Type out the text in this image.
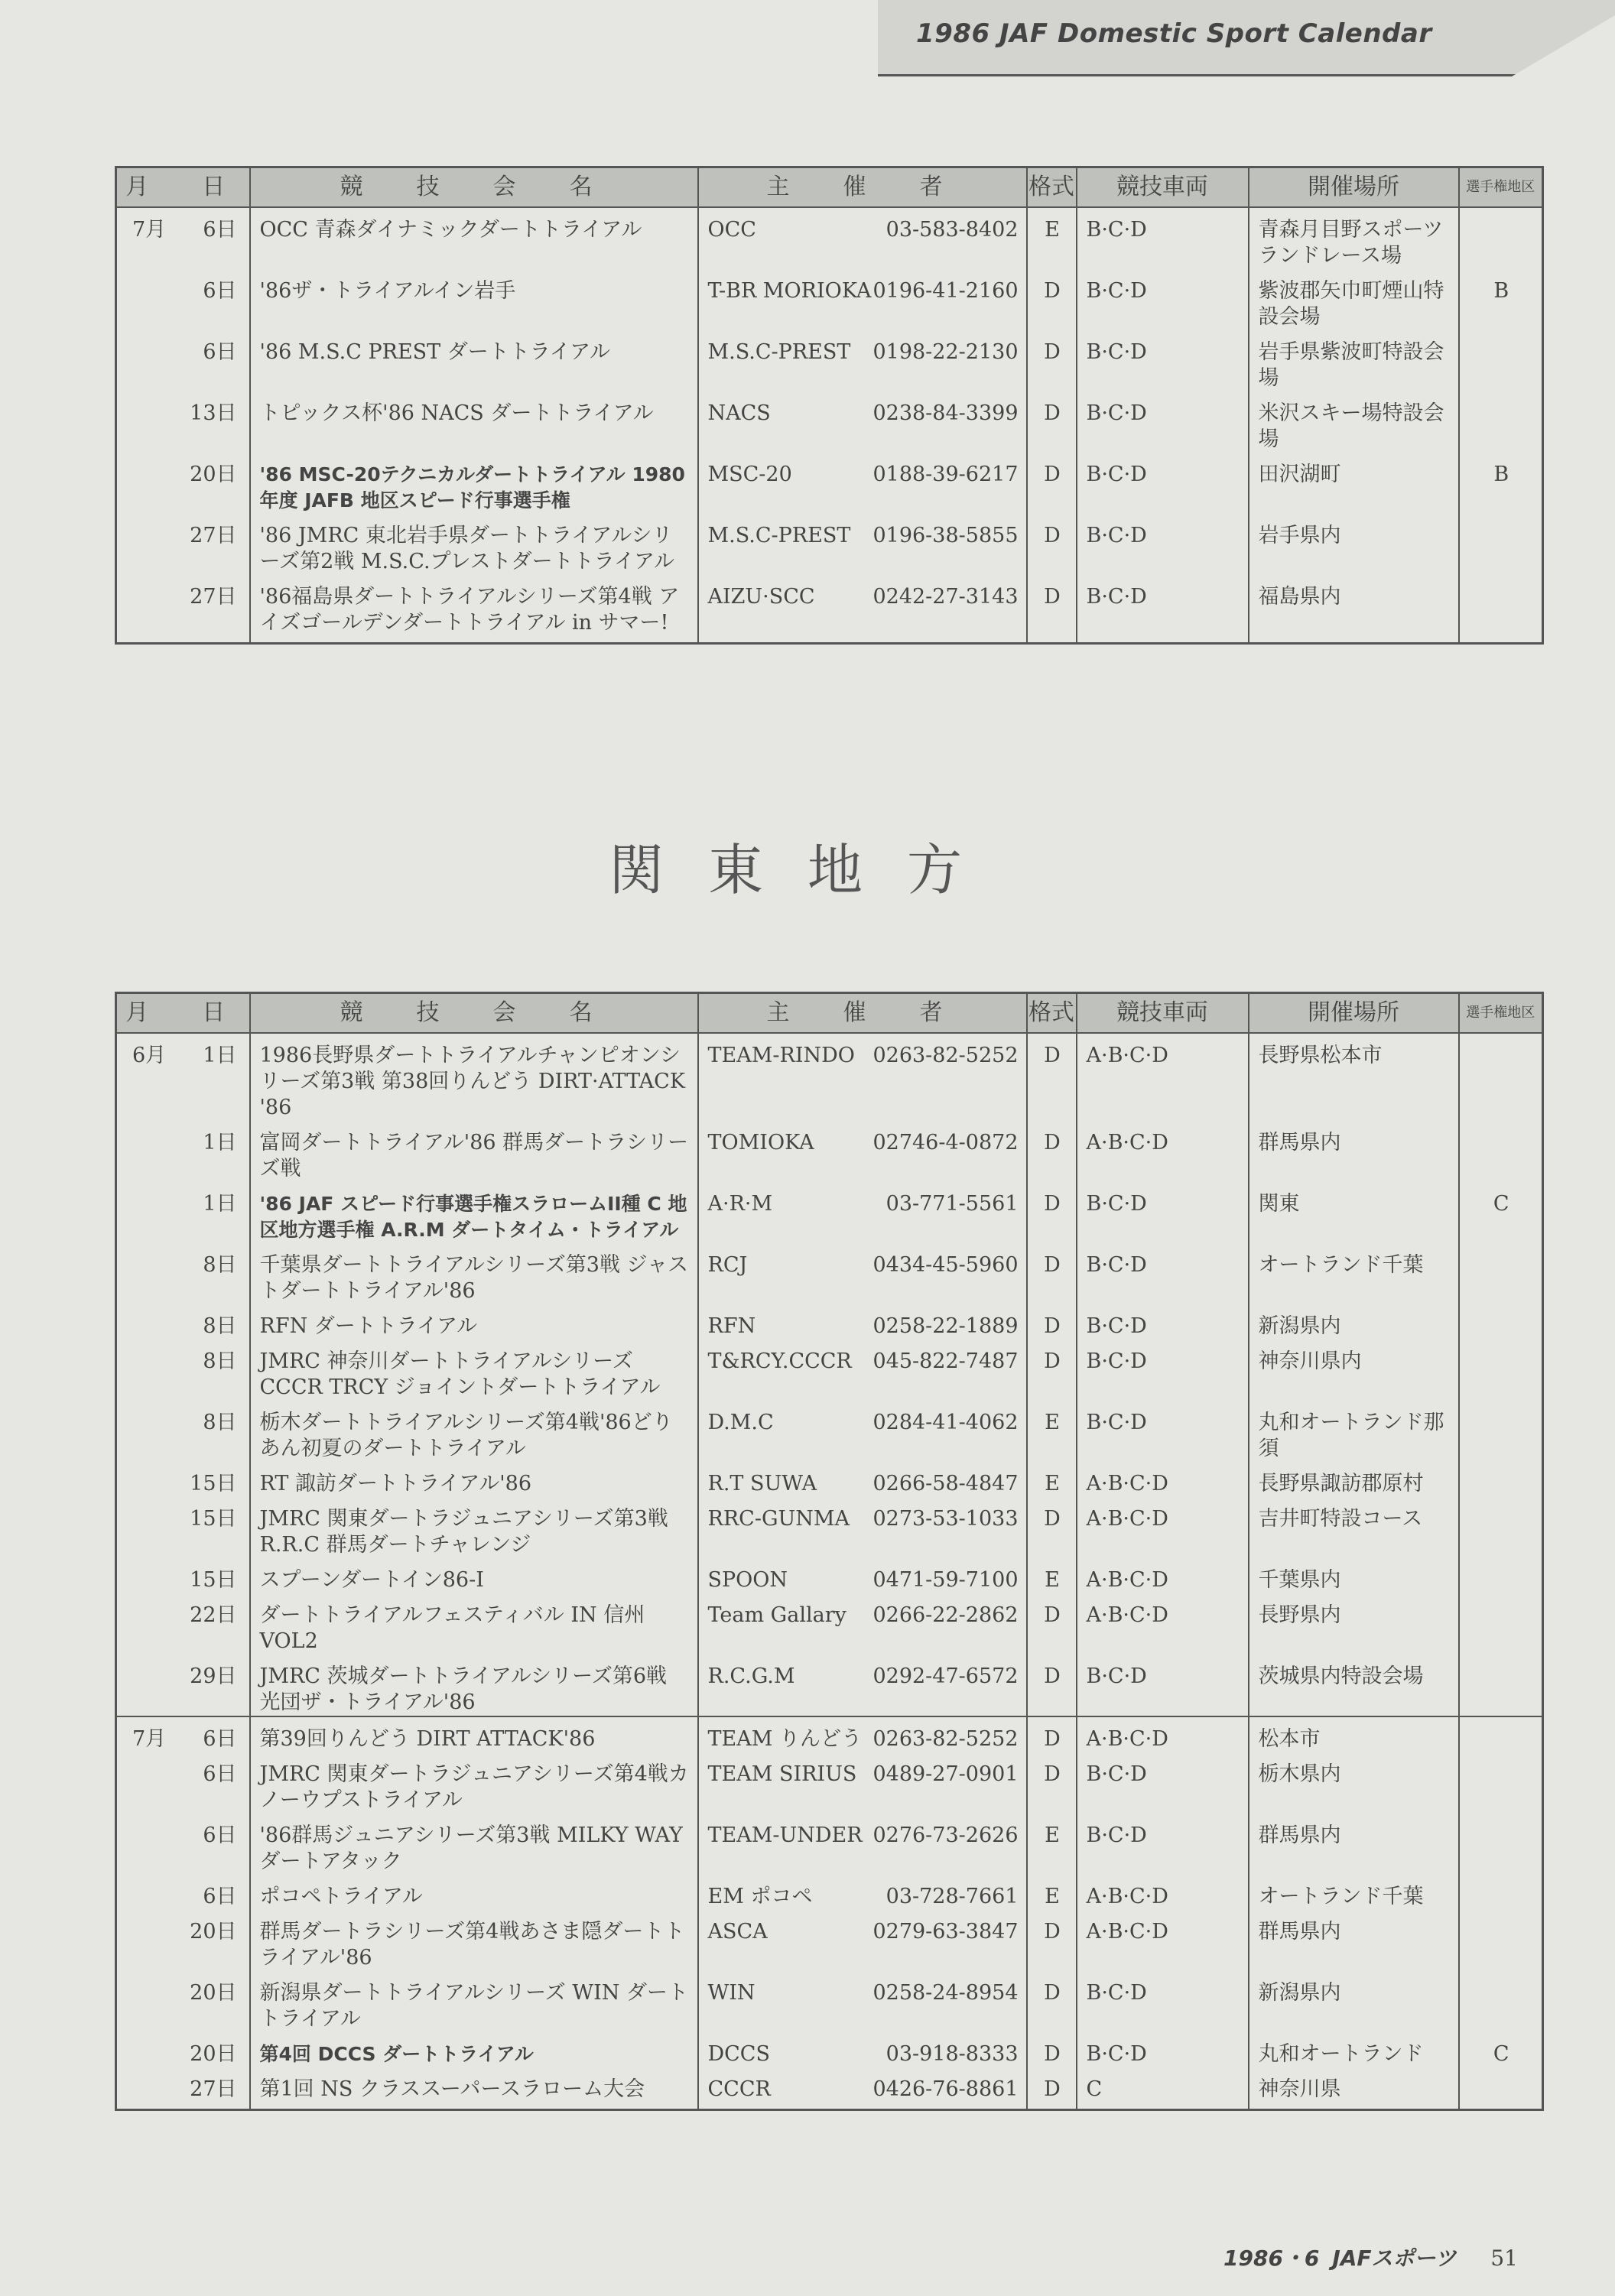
1986 JAF Domestic Sport Calendar
月　日	競　技　会　名	主　催　者	格式	競技車両	開催場所	選手権地区

7月 6日	OCC 青森ダイナミックダートトライアル	OCC 03-583-8402	E	B·C·D	青森月目野スポーツランドレース場	

6日	'86ザ・トライアルイン岩手	T-BR MORIOKA 0196-41-2160	D	B·C·D	紫波郡矢巾町煙山特設会場	B

6日	'86 M.S.C PREST ダートトライアル	M.S.C-PREST 0198-22-2130	D	B·C·D	岩手県紫波町特設会場	

13日	トピックス杯'86 NACS ダートトライアル	NACS 0238-84-3399	D	B·C·D	米沢スキー場特設会場	

20日	'86 MSC-20テクニカルダートトライアル 1980年度 JAFB 地区スピード行事選手権	MSC-20 0188-39-6217	D	B·C·D	田沢湖町	B

27日	'86 JMRC 東北岩手県ダートトライアルシリーズ第2戦 M.S.C.プレストダートトライアル	M.S.C-PREST 0196-38-5855	D	B·C·D	岩手県内	

27日	'86福島県ダートトライアルシリーズ第4戦 アイズゴールデンダートトライアル in サマー!	AIZU·SCC 0242-27-3143	D	B·C·D	福島県内	

関東地方
月　日	競　技　会　名	主　催　者	格式	競技車両	開催場所	選手権地区

6月 1日	1986長野県ダートトライアルチャンピオンシリーズ第3戦 第38回りんどう DIRT·ATTACK '86	TEAM-RINDO 0263-82-5252	D	A·B·C·D	長野県松本市	

1日	富岡ダートトライアル'86 群馬ダートラシリーズ戦	TOMIOKA 02746-4-0872	D	A·B·C·D	群馬県内	

1日	'86 JAF スピード行事選手権スラロームII種 C 地区地方選手権 A.R.M ダートタイム・トライアル	A·R·M 03-771-5561	D	B·C·D	関東	C

8日	千葉県ダートトライアルシリーズ第3戦 ジャストダートトライアル'86	RCJ 0434-45-5960	D	B·C·D	オートランド千葉	

8日	RFN ダートトライアル	RFN 0258-22-1889	D	B·C·D	新潟県内	

8日	JMRC 神奈川ダートトライアルシリーズ CCCR TRCY ジョイントダートトライアル	T&RCY.CCCR 045-822-7487	D	B·C·D	神奈川県内	

8日	栃木ダートトライアルシリーズ第4戦'86どりあん初夏のダートトライアル	D.M.C 0284-41-4062	E	B·C·D	丸和オートランド那須	

15日	RT 諏訪ダートトライアル'86	R.T SUWA 0266-58-4847	E	A·B·C·D	長野県諏訪郡原村	

15日	JMRC 関東ダートラジュニアシリーズ第3戦 R.R.C 群馬ダートチャレンジ	RRC-GUNMA 0273-53-1033	D	A·B·C·D	吉井町特設コース	

15日	スプーンダートイン86-I	SPOON 0471-59-7100	E	A·B·C·D	千葉県内	

22日	ダートトライアルフェスティバル IN 信州 VOL2	Team Gallary 0266-22-2862	D	A·B·C·D	長野県内	

29日	JMRC 茨城ダートトライアルシリーズ第6戦 光団ザ・トライアル'86	R.C.G.M 0292-47-6572	D	B·C·D	茨城県内特設会場	

7月 6日	第39回りんどう DIRT ATTACK'86	TEAM りんどう 0263-82-5252	D	A·B·C·D	松本市	

6日	JMRC 関東ダートラジュニアシリーズ第4戦カノーウプストライアル	TEAM SIRIUS 0489-27-0901	D	B·C·D	栃木県内	

6日	'86群馬ジュニアシリーズ第3戦 MILKY WAY ダートアタック	TEAM-UNDER 0276-73-2626	E	B·C·D	群馬県内	

6日	ポコペトライアル	EM ポコペ 03-728-7661	E	A·B·C·D	オートランド千葉	

20日	群馬ダートラシリーズ第4戦あさま隠ダートトライアル'86	ASCA 0279-63-3847	D	A·B·C·D	群馬県内	

20日	新潟県ダートトライアルシリーズ WIN ダートトライアル	WIN 0258-24-8954	D	B·C·D	新潟県内	

20日	第4回 DCCS ダートトライアル	DCCS 03-918-8333	D	B·C·D	丸和オートランド	C

27日	第1回 NS クラススーパースラローム大会	CCCR 0426-76-8861	D	C	神奈川県	

1986・6 JAFスポーツ 51
